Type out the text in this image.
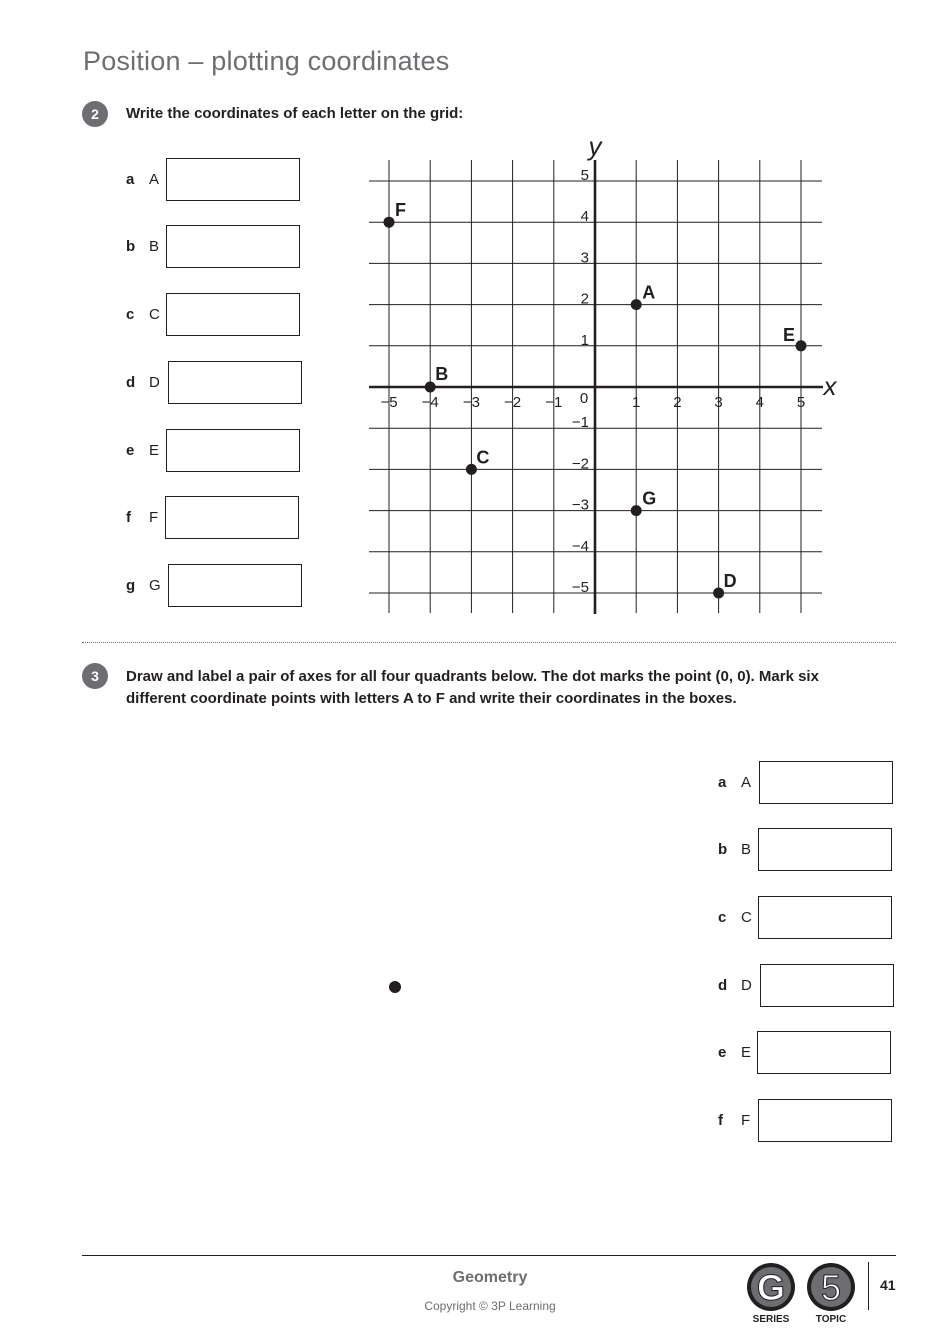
Position – plotting coordinates
2	Write the coordinates of each letter on the grid:
a A
b B
c C
d D
e E
f F
g G
y
x
−5 −4 −3 −2 −1	1 2 3 4 5
5
4
3
2
1
−1
−2
−3
−4
−5
0
A
B
C
D
E
F
G
3	Draw and label a pair of axes for all four quadrants below. The dot marks the point (0, 0). Mark six
different coordinate points with letters A to F and write their coordinates in the boxes.
a A
b B
c C
d D
e E
f F
Geometry
Copyright © 3P Learning	G
SERIES
5
TOPIC
41
